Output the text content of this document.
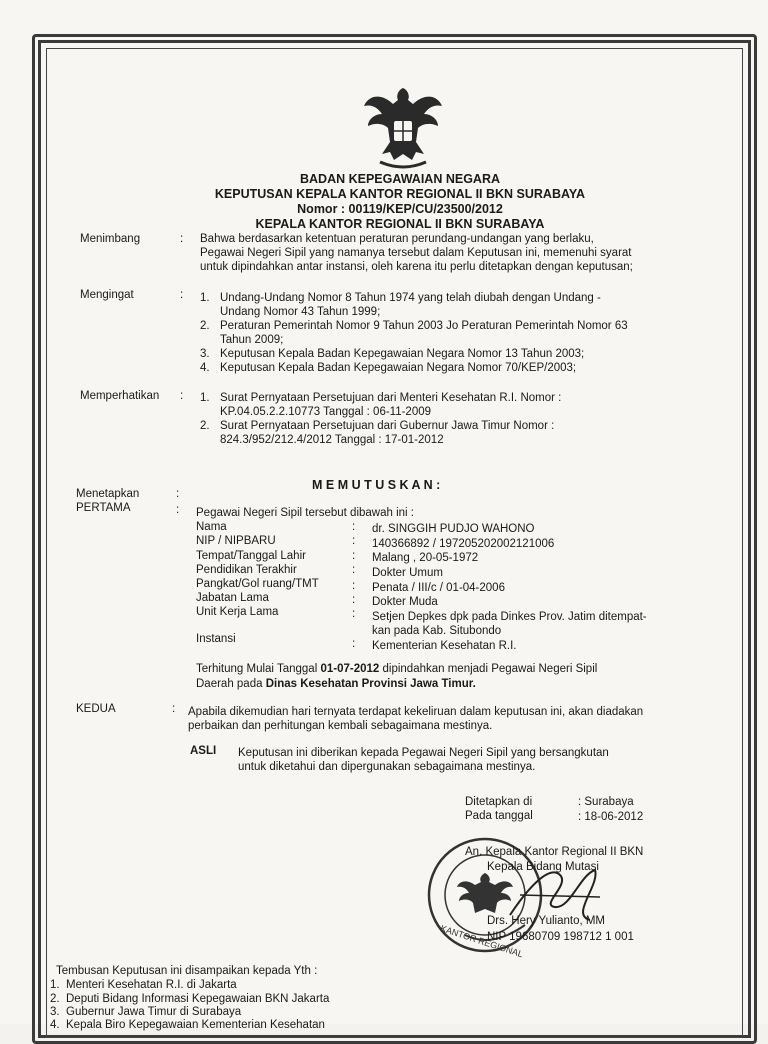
BADAN KEPEGAWAIAN NEGARA
KEPUTUSAN KEPALA KANTOR REGIONAL II BKN SURABAYA
Nomor : 00119/KEP/CU/23500/2012
KEPALA KANTOR REGIONAL II BKN SURABAYA
Menimbang	: Bahwa berdasarkan ketentuan peraturan perundang-undangan yang berlaku,
Pegawai Negeri Sipil yang namanya tersebut dalam Keputusan ini, memenuhi syarat
untuk dipindahkan antar instansi, oleh karena itu perlu ditetapkan dengan keputusan;
Mengingat	: 1. Undang-Undang Nomor 8 Tahun 1974 yang telah diubah dengan Undang -
Undang Nomor 43 Tahun 1999;
2. Peraturan Pemerintah Nomor 9 Tahun 2003 Jo Peraturan Pemerintah Nomor 63
Tahun 2009;
3. Keputusan Kepala Badan Kepegawaian Negara Nomor 13 Tahun 2003;
4. Keputusan Kepala Badan Kepegawaian Negara Nomor 70/KEP/2003;
Memperhatikan : 1. Surat Pernyataan Persetujuan dari Menteri Kesehatan R.I. Nomor :
KP.04.05.2.2.10773 Tanggal : 06-11-2009
2. Surat Pernyataan Persetujuan dari Gubernur Jawa Timur Nomor :
824.3/952/212.4/2012 Tanggal : 17-01-2012
M E M U T U S K A N :
Menetapkan	:
PERTAMA	: Pegawai Negeri Sipil tersebut dibawah ini :
Nama	: dr. SINGGIH PUDJO WAHONO
NIP / NIPBARU	: 140366892 / 197205202002121006
Tempat/Tanggal Lahir	: Malang , 20-05-1972
Pendidikan Terakhir	: Dokter Umum
Pangkat/Gol ruang/TMT	: Penata / III/c / 01-04-2006
Jabatan Lama	: Dokter Muda
Unit Kerja Lama	: Setjen Depkes dpk pada Dinkes Prov. Jatim ditempat-
kan pada Kab. Situbondo
Instansi	: Kementerian Kesehatan R.I.
Terhitung Mulai Tanggal 01-07-2012 dipindahkan menjadi Pegawai Negeri Sipil
Daerah pada Dinas Kesehatan Provinsi Jawa Timur.
KEDUA	: Apabila dikemudian hari ternyata terdapat kekeliruan dalam keputusan ini, akan diadakan
perbaikan dan perhitungan kembali sebagaimana mestinya.
ASLI Keputusan ini diberikan kepada Pegawai Negeri Sipil yang bersangkutan
untuk diketahui dan dipergunakan sebagaimana mestinya.
Ditetapkan di	: Surabaya
Pada tanggal	: 18-06-2012
KANTOR REGIONAL
An. Kepala Kantor Regional II BKN
Kepala Bidang Mutasi
Drs. Hery Yulianto, MM
NIP 19680709 198712 1 001
Tembusan Keputusan ini disampaikan kepada Yth :
1. Menteri Kesehatan R.I. di Jakarta
2. Deputi Bidang Informasi Kepegawaian BKN Jakarta
3. Gubernur Jawa Timur di Surabaya
4. Kepala Biro Kepegawaian Kementerian Kesehatan
